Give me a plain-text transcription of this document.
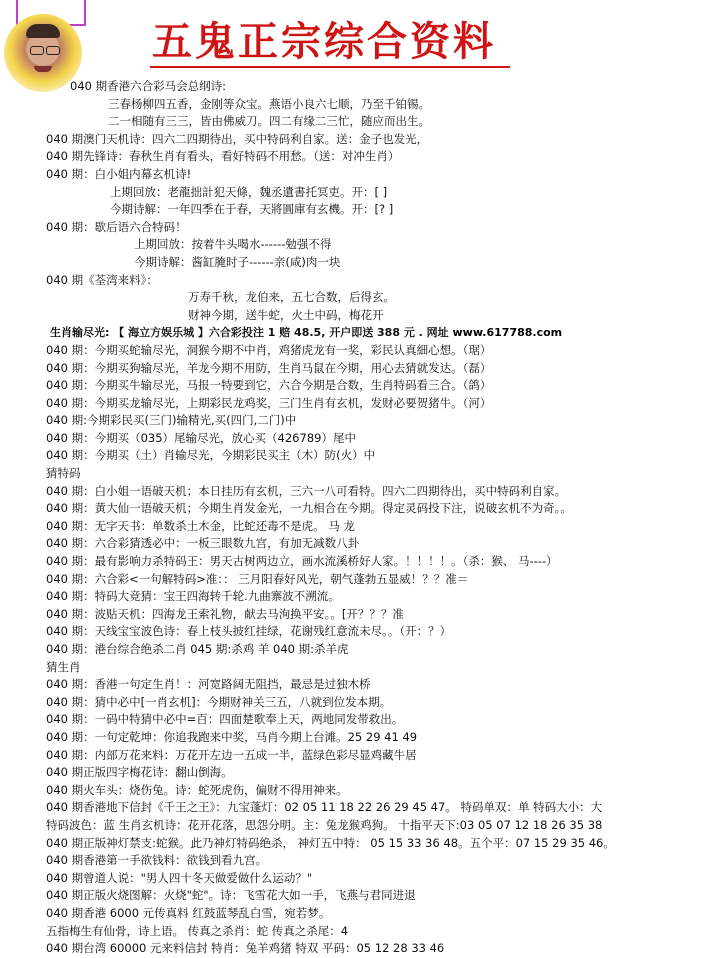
五鬼正宗综合资料
040 期香港六合彩马会总纲诗:
三春杨柳四五香，金刚等众宝。燕语小良六七顺，乃至千铂锡。
二一相随有三三，皆由佛威刀。四二有缘二三忙，随应而出生。
040 期澳门天机诗：四六二四期待出，买中特码利自家。送：金子也发光，
040 期先锋诗：春秋生肖有看头，看好特码不用愁。（送：对冲生肖）
040 期：白小姐内幕玄机诗!
上期回放：老龍拙計犯天條，魏丞遺書托冥吏。开：[ ]
今期诗解：一年四季在于春，天將圓庫有玄機。开：[? ]
040 期：歇后语六合特码！
上期回放：按着牛头喝水------勉强不得
今期诗解：酱缸腌时子------亲(咸)肉一块
040 期《荃湾来料》：
万寿千秋，龙伯来，五七合数，后得玄。
财神今期，送牛蛇，火土中码，梅花开
生肖输尽光: 【 海立方娱乐城 】六合彩投注 1 赔 48.5, 开户即送 388 元 . 网址 www.617788.com
040 期：今期买蛇输尽光，洞猴今期不中肖，鸡猪虎龙有一奖，彩民认真細心想。（琚）
040 期：今期买狗输尽光，羊龙今期不用防，生肖马鼠在今期，用心去猜就发达。（磊）
040 期：今期买牛输尽光，马报一特要到它，六合今期是合数，生肖特码看三合。（鸽）
040 期：今期买龙输尽光，上期彩民龙鸡奖，三门生肖有玄机，发财必要贺猪牛。（河）
040 期:今期彩民买(三门)输精光,买(四门,二门)中
040 期：今期买（035）尾输尽光，放心买（426789）尾中
040 期：今期买（土）肖输尽光，今期彩民买主（木）防(火）中
猜特码
040 期：白小姐一语破天机；本日挂历有玄机，三六一八可看特。四六二四期待出，买中特码利自家。
040 期：黄大仙一语破天机；今期生肖发金光，一九相合在今期。得定灵码投下注，说破玄机不为奇。。
040 期：无字天书：单数杀土木金，比蛇还毒不是虎。 马 龙
040 期：六合彩猜透必中：一板三眼数九宫，有加无减数八卦
040 期：最有影响力杀特码王：男天古树两边立，画水流溪桥好人家。！！！！。（杀：猴、 马----）
040 期：六合彩<一句解特码>准：： 三月阳春好风光，朝气蓬勃五显威！？？准＝
040 期：特码大竞猜：宝王四海转千轮.九曲寨波不溯流。
040 期：波贴天机：四海龙王索礼物，献去马洵换平安。。[开？？？准
040 期：天线宝宝波色诗：春上枝头披红挂绿，花谢残红意流未尽。。（开：？）
040 期：港台综合绝杀二肖 045 期:杀鸡 羊 040 期:杀羊虎
猜生肖
040 期：香港一句定生肖！：河宽路阔无阻挡，最忌是过独木桥
040 期：猜中必中[一肖玄机]：今期财神关三五，八就到位发本期。
040 期：一码中特猜中必中=百：四面楚歌奉上天，两地同发带救出。
040 期：一句定乾坤：你追我跑来中奖，马肖今期上台滩。25 29 41 49
040 期：内部万花来料：万花开左边一五成一半，蓝绿色彩尽显鸡藏牛居
040 期正版四字梅花诗：翻山倒海。
040 期火车头：烧伤兔。诗：蛇死虎伤，偏财不得用神来。
040 期香港地下信封《千王之王》：九宝蓬灯：02 05 11 18 22 26 29 45 47。 特码单双：单 特码大小：大
特码波色：蓝 生肖玄机诗：花开花落，思怨分明。主：兔龙猴鸡狗。 十指平天下:03 05 07 12 18 26 35 38
040 期正版神灯禁支:蛇猴。此乃神灯特码绝杀， 神灯五中特： 05 15 33 36 48。五个平：07 15 29 35 46。
040 期香港第一手欲钱料：欲钱到看九宫。
040 期曾道人说："男人四十冬天做爱做什么运动？"
040 期正版火烧图解：火烧"蛇"。诗：飞雪花大如一手，飞燕与君同进退
040 期香港 6000 元传真料 红鼓蓝琴乱白雪，宛若梦。
五指梅生有仙骨，诗上语。 传真之杀肖：蛇 传真之杀尾：4
040 期台湾 60000 元来料信封 特肖：兔羊鸡猪 特双 平码：05 12 28 33 46
